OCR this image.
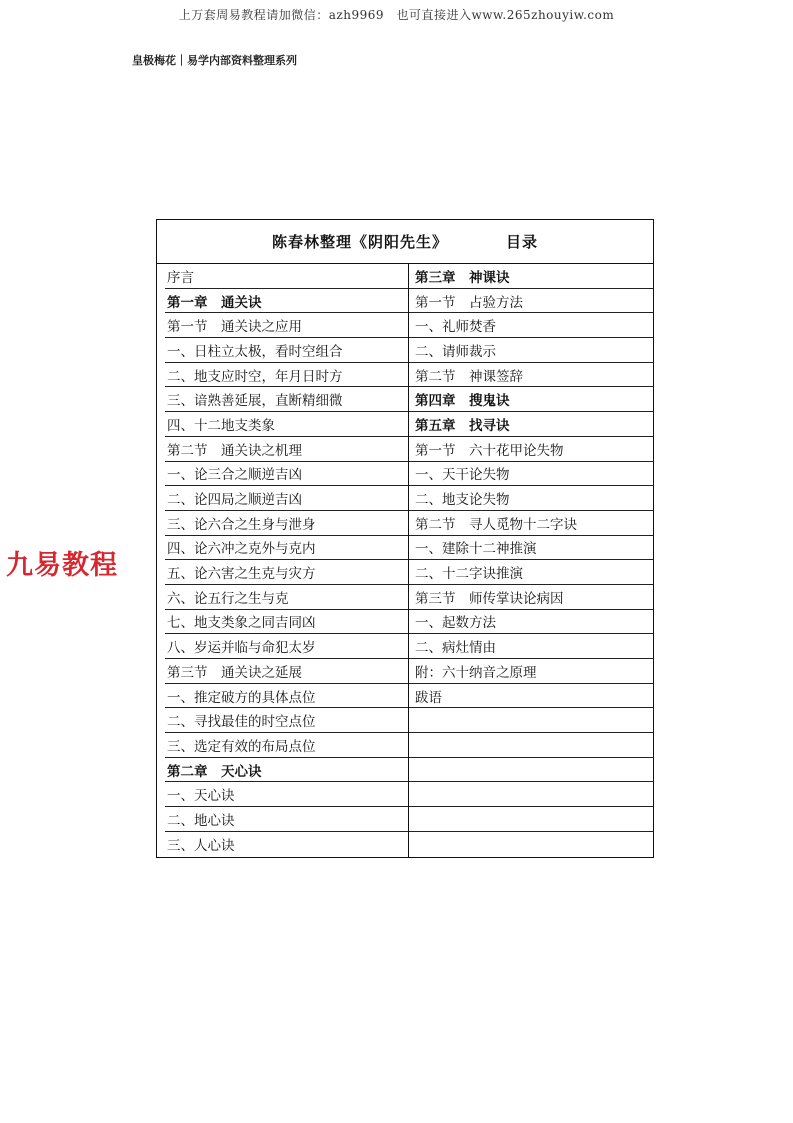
上万套周易教程请加微信：azh9969　也可直接进入www.265zhouyiw.com
皇极梅花｜易学内部资料整理系列
陈春林整理《阴阳先生》	目录
序言
第一章　通关诀
第一节　通关诀之应用
一、日柱立太极，看时空组合
二、地支应时空，年月日时方
三、谙熟善延展，直断精细微
四、十二地支类象
第二节　通关诀之机理
一、论三合之顺逆吉凶
二、论四局之顺逆吉凶
三、论六合之生身与泄身
四、论六冲之克外与克内
五、论六害之生克与灾方
六、论五行之生与克
七、地支类象之同吉同凶
八、岁运并临与命犯太岁
第三节　通关诀之延展
一、推定破方的具体点位
二、寻找最佳的时空点位
三、选定有效的布局点位
第二章　天心诀
一、天心诀
二、地心诀
三、人心诀
第三章　神课诀
第一节　占验方法
一、礼师焚香
二、请师裁示
第二节　神课签辞
第四章　搜鬼诀
第五章　找寻诀
第一节　六十花甲论失物
一、天干论失物
二、地支论失物
第二节　寻人觅物十二字诀
一、建除十二神推演
二、十二字诀推演
第三节　师传掌诀论病因
一、起数方法
二、病灶情由
附：六十纳音之原理
跋语
九易教程
